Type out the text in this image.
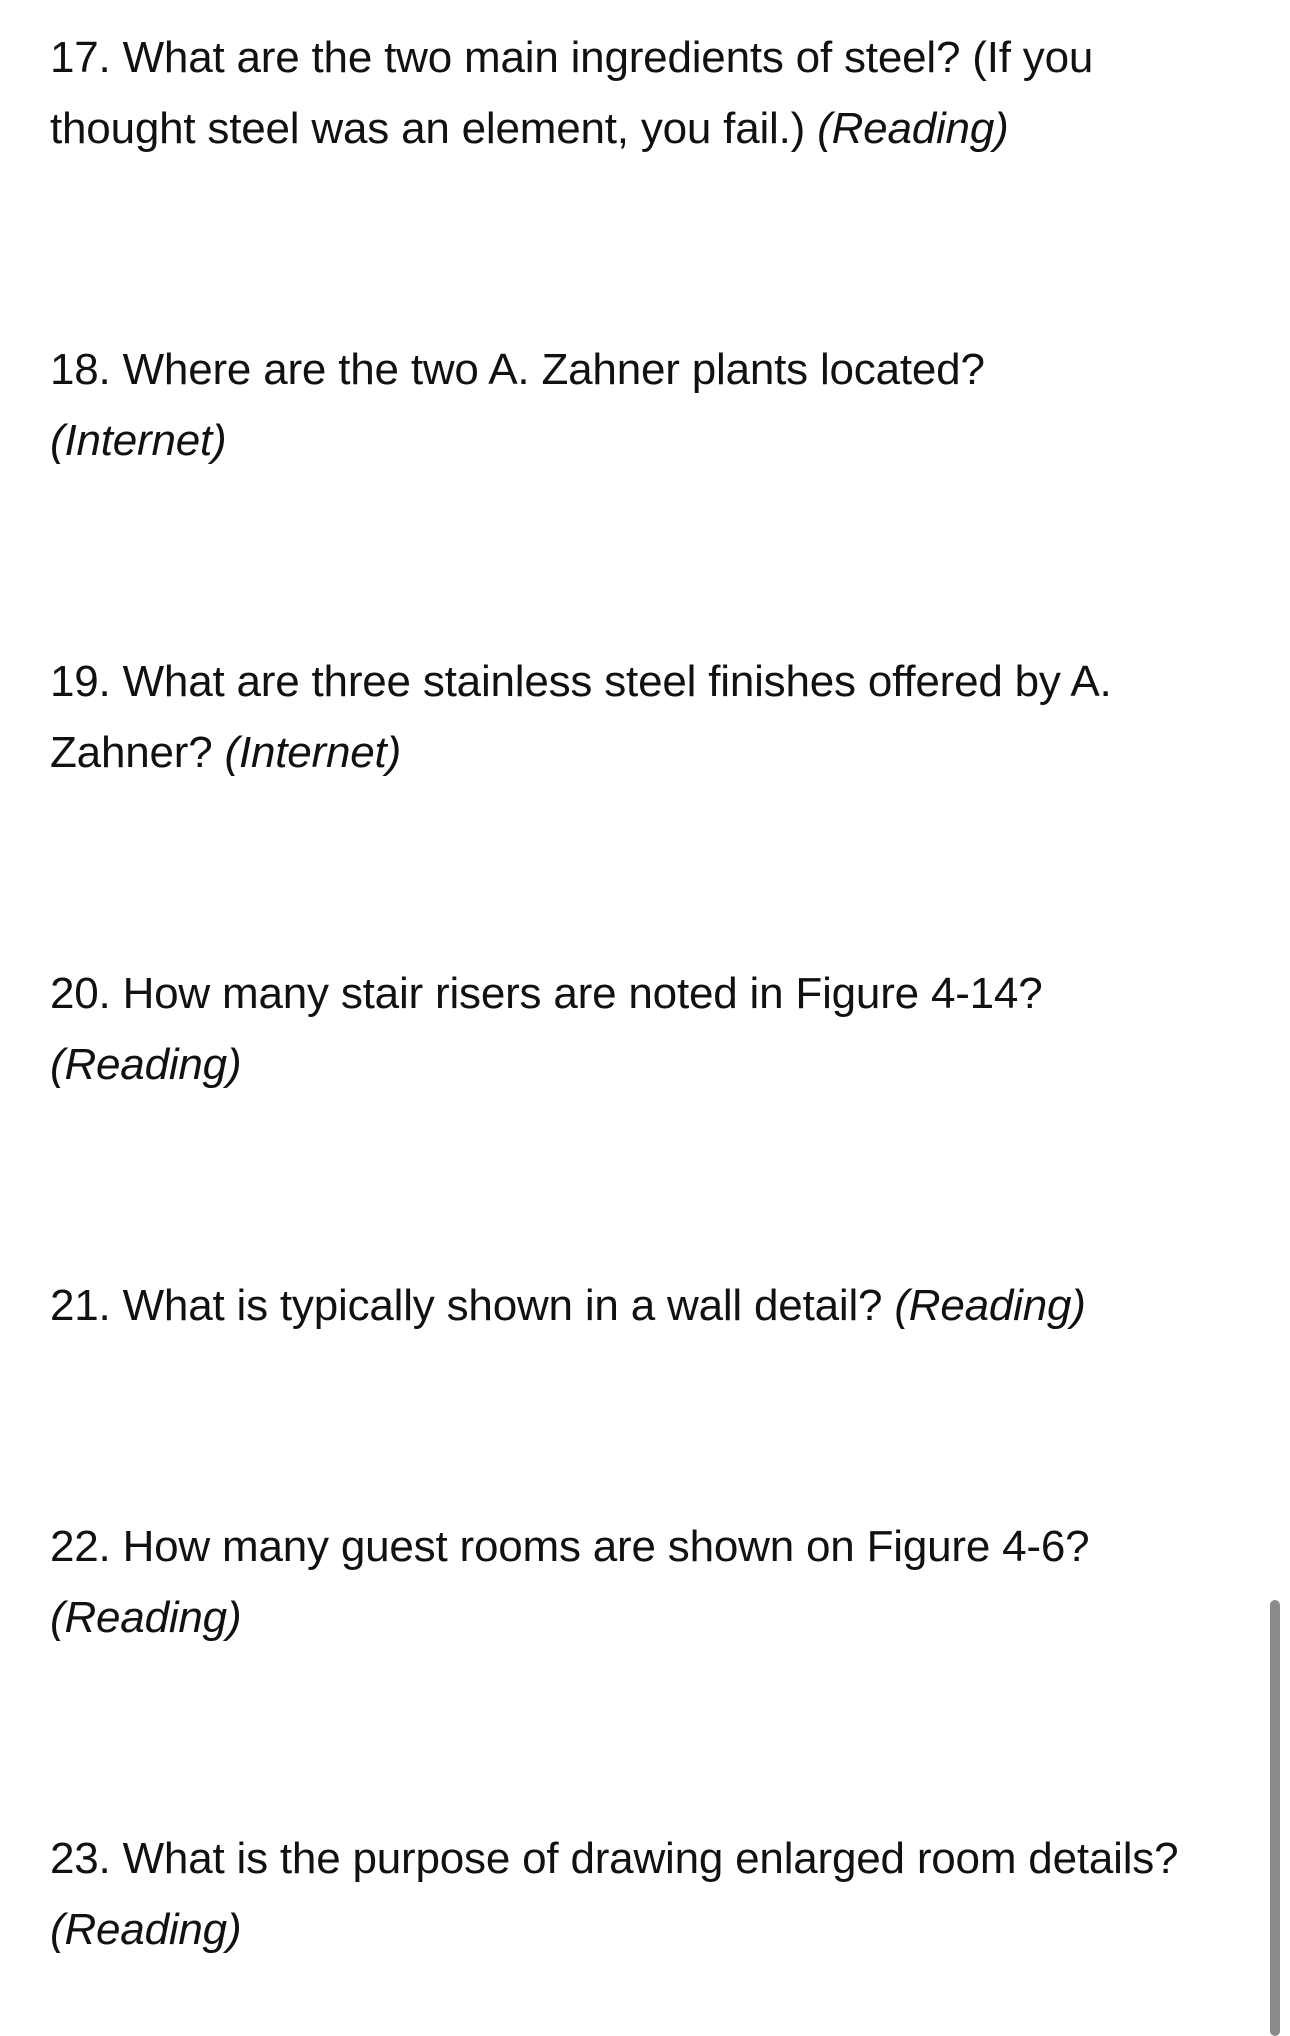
17. What are the two main ingredients of steel? (If you thought steel was an element, you fail.) (Reading)

18. Where are the two A. Zahner plants located?
(Internet)

19. What are three stainless steel finishes offered by A. Zahner? (Internet)

20. How many stair risers are noted in Figure 4-14?
(Reading)

21. What is typically shown in a wall detail? (Reading)

22. How many guest rooms are shown on Figure 4-6?
(Reading)

23. What is the purpose of drawing enlarged room details? (Reading)
